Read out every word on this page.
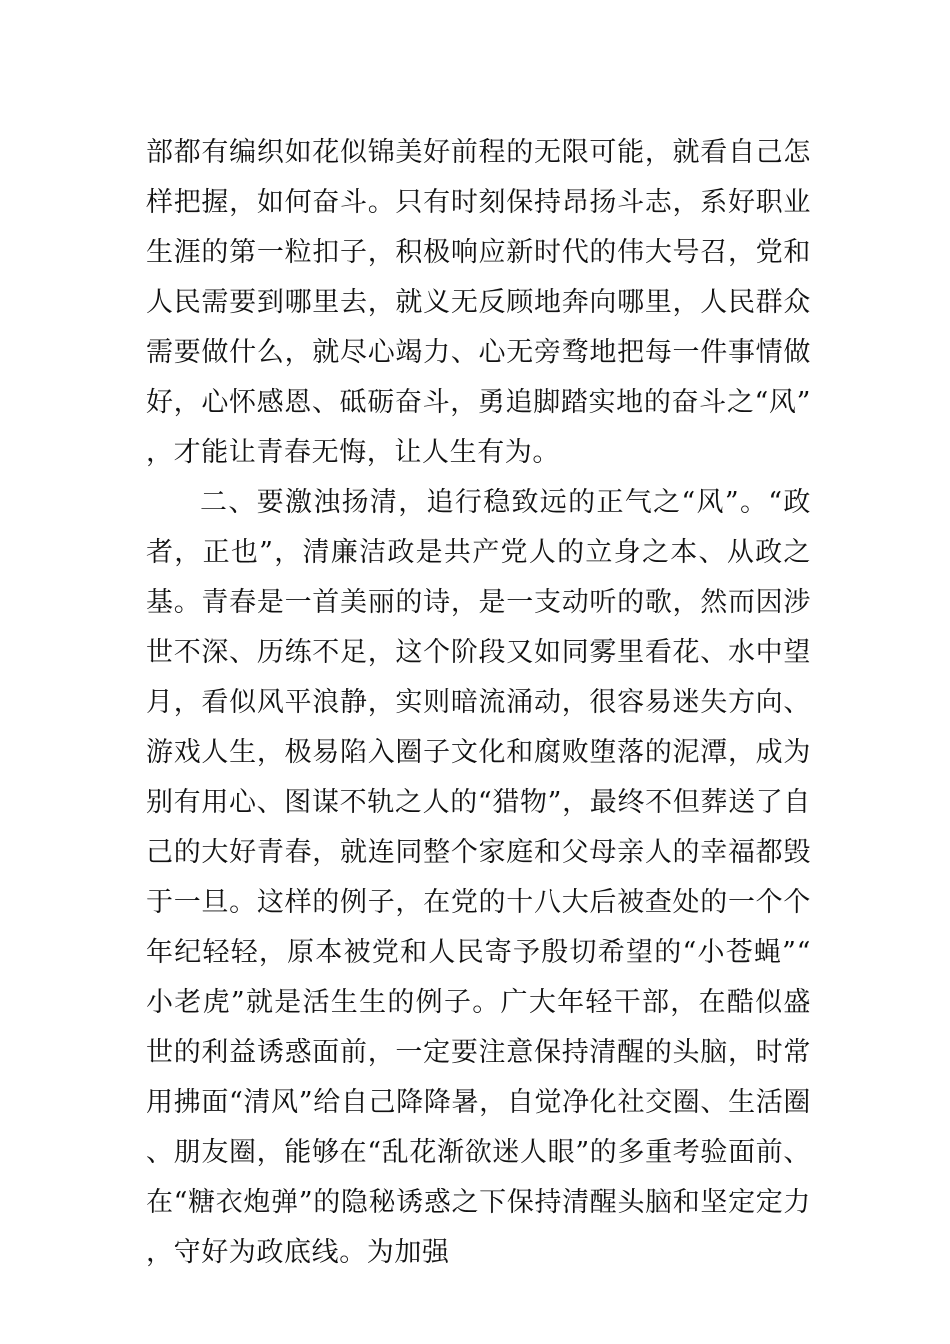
部都有编织如花似锦美好前程的无限可能，就看自己怎样把握，如何奋斗。只有时刻保持昂扬斗志，系好职业生涯的第一粒扣子，积极响应新时代的伟大号召，党和人民需要到哪里去，就义无反顾地奔向哪里，人民群众需要做什么，就尽心竭力、心无旁骛地把每一件事情做好，心怀感恩、砥砺奋斗，勇追脚踏实地的奋斗之“风”，才能让青春无悔，让人生有为。

二、要激浊扬清，追行稳致远的正气之“风”。“政者，正也”，清廉洁政是共产党人的立身之本、从政之基。青春是一首美丽的诗，是一支动听的歌，然而因涉世不深、历练不足，这个阶段又如同雾里看花、水中望月，看似风平浪静，实则暗流涌动，很容易迷失方向、游戏人生，极易陷入圈子文化和腐败堕落的泥潭，成为别有用心、图谋不轨之人的“猎物”，最终不但葬送了自己的大好青春，就连同整个家庭和父母亲人的幸福都毁于一旦。这样的例子，在党的十八大后被查处的一个个年纪轻轻，原本被党和人民寄予殷切希望的“小苍蝇”“小老虎”就是活生生的例子。广大年轻干部，在酷似盛世的利益诱惑面前，一定要注意保持清醒的头脑，时常用拂面“清风”给自己降降暑，自觉净化社交圈、生活圈、朋友圈，能够在“乱花渐欲迷人眼”的多重考验面前、在“糖衣炮弹”的隐秘诱惑之下保持清醒头脑和坚定定力，守好为政底线。为加强
